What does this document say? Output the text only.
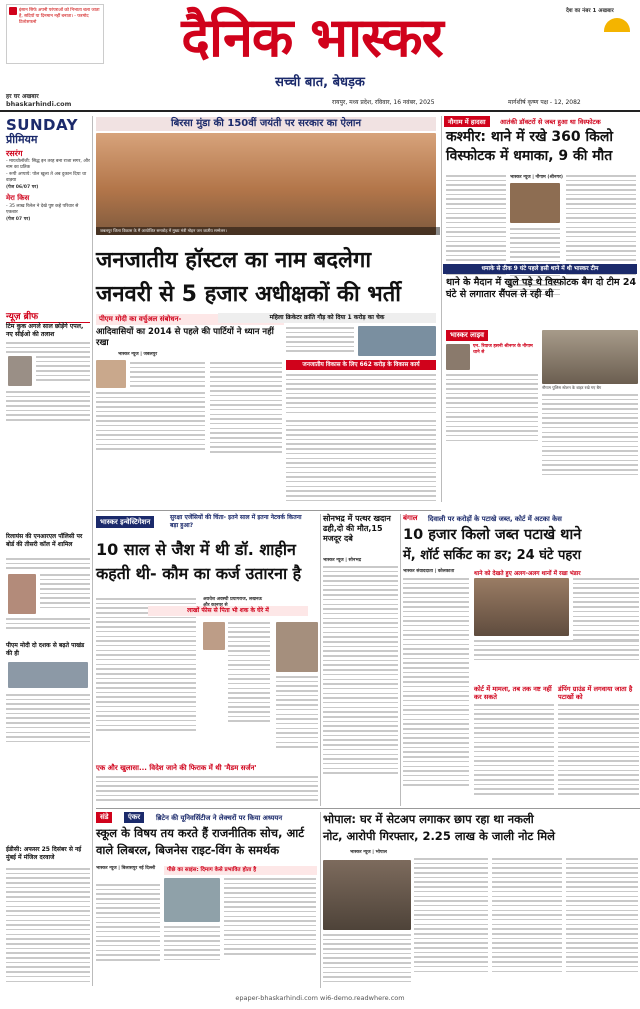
इंसान सिर्फ अपनी परंपराओं को निभाता चला जाता है, सदियों या दिनमान नहीं बनाता। - फरमोद टिल्टेसफनो
हर घर अखबार
bhaskarhindi.com
दैनिक भास्कर
सच्ची बात, बेधड़क
देश का नंबर 1 अखबार
रायपुर, मध्य प्रदेश, रविवार, 16 नवंबर, 2025	मार्गशीर्ष कृष्ण पक्ष - 12, 2082
SUNDAY
प्रीमियम
रसरंग
- मायथोलॉजी: सिद्ध इन तरह बना राजा सगर, और नाम का प्रतिक
- रूपी अप्पाये: पोल खुला ते अब दुकान दिया था वाक़्या
(पेज 06/07 पर)
मेरा किस
- 35 लाख रिलेल ने देखे पुष्ट कहे परिवार से एकबार
(पेज 07 पर)
न्यूज़ ब्रीफ
टिम कुक अगले साल छोड़ेंगे एपल, नए सीईओ की तलाश
रिलायंस की एनआरएल पॉलिसी पर बोर्ड की तीसरी कॉल में शामिल
पीएम मोदी दो दशक से बढ़ते पाखंड की ही
ईडीसी: अफसर 25 दिसंबर से नई मुंबई में मंजिल दरवाजे
बिरसा मुंडा की 150वीं जयंती पर सरकार का ऐलान
जबलपुर जिला विकास के मैं आयोजित समारोह में मुख्य मंत्री मोहन जन जातीय सम्मेलन।
जनजातीय हॉस्टल का नाम बदलेगा
जनवरी से 5 हजार अधीक्षकों की भर्ती
पीएम मोदी का वर्चुअल संबोधन-
आदिवासियों का 2014 से पहले की पार्टियों ने ध्यान नहीं रखा
भास्कर न्यूज | जबलपुर
महिला क्रिकेटर क्रांति गौड़ को दिया 1 करोड़ का चेक
जनजातीय विकास के लिए 662 करोड़ के विकास कार्य
नौगाम में हादसा	आतंकी डॉक्टरों से जब्त हुआ था विस्फोटक
कश्मीर: थाने में रखे 360 किलो
विस्फोटक में धमाका, 9 की मौत
भास्कर न्यूज | नौगाम (श्रीनगर)
धमाके से ठीक 9 घंटे पहले इसी थाने में थी भास्कर टीम
थाने के मैदान में खुले पड़े थे विस्फोटक बैग दो टीम 24 घंटे से लगातार सैंपल ले रही थी
भास्कर लाइव
एन. रियाज हसनी श्रीनगर के नौगाम थाने से
नौगाम पुलिस स्टेशन के बाहर रखे गए बैग
भास्कर इन्वेस्टिगेशन
सुरक्षा एजेंसियों की चिंता- इतने साल में इतना नेटवर्क कितना बड़ा हुआ?
10 साल से जैश में थी डॉ. शाहीन
कहती थी- कौम का कर्ज उतारना है
अवधेश अवस्थी प्रयागराज, लखनऊ
लाखों फीस से पिता भी शक के घेरे में
एक और खुलासा... विदेश जाने की फिराक में थी 'मैडम सर्जन'
सोनभद्र में पत्थर खदान ढही,दो की मौत,15 मजदूर दबे
भास्कर न्यूज | सोनभद्र
बंगाल दिवाली पर करोड़ों के पटाखे जब्त, कोर्ट में अटका केस
10 हजार किलो जब्त पटाखे थाने
में, शॉर्ट सर्किट का डर; 24 घंटे पहरा
भास्कर संवाददाता | कोलकाता	थाने को देखते हुए अलग-अलग थानों में रखा भंडार
कोर्ट में मामला, तब तक नष्ट नहीं कर सकते
डंपिंग ग्राउंड में लगवाया जाता है पटाखों को
संडे	एंकर	ब्रिटेन की यूनिवर्सिटीज ने लेक्चरों पर किया अध्ययन
स्कूल के विषय तय करते हैं राजनीतिक सोच, आर्ट
वाले लिबरल, बिजनेस राइट-विंग के समर्थक
भास्कर न्यूज | बिलासपुर नई दिल्ली	पीछे का साइंस: दिमाग केसे प्रभावित होता है
भोपाल: घर में सेटअप लगाकर छाप रहा था नकली
नोट, आरोपी गिरफ्तार, 2.25 लाख के जाली नोट मिले
भास्कर न्यूज | भोपाल
epaper-bhaskarhindi.com wi6-demo.readwhere.com
